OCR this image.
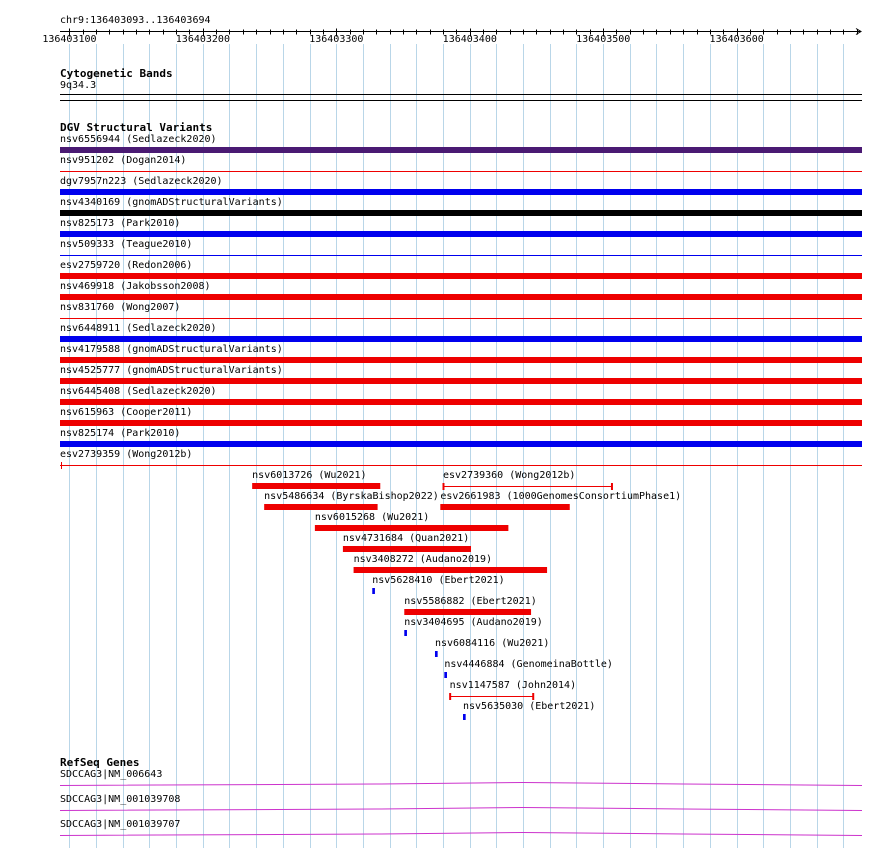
chr9:136403093..136403694
136403100	136403200	136403300	136403400	136403500	136403600
Cytogenetic Bands
9q34.3
DGV Structural Variants
nsv6556944 (Sedlazeck2020)
nsv951202 (Dogan2014)
dgv7957n223 (Sedlazeck2020)
nsv4340169 (gnomADStructuralVariants)
nsv825173 (Park2010)
nsv509333 (Teague2010)
esv2759720 (Redon2006)
nsv469918 (Jakobsson2008)
nsv831760 (Wong2007)
nsv6448911 (Sedlazeck2020)
nsv4179588 (gnomADStructuralVariants)
nsv4525777 (gnomADStructuralVariants)
nsv6445408 (Sedlazeck2020)
nsv615963 (Cooper2011)
nsv825174 (Park2010)
esv2739359 (Wong2012b)
nsv6013726 (Wu2021)	esv2739360 (Wong2012b)
nsv5486634 (ByrskaBishop2022) esv2661983 (1000GenomesConsortiumPhase1)
nsv6015268 (Wu2021)
nsv4731684 (Quan2021)
nsv3408272 (Audano2019)
nsv5628410 (Ebert2021)
nsv5586882 (Ebert2021)
nsv3404695 (Audano2019)
nsv6084116 (Wu2021)
nsv4446884 (GenomeinaBottle)
nsv1147587 (John2014)
nsv5635030 (Ebert2021)
RefSeq Genes
SDCCAG3|NM_006643
SDCCAG3|NM_001039708
SDCCAG3|NM_001039707
